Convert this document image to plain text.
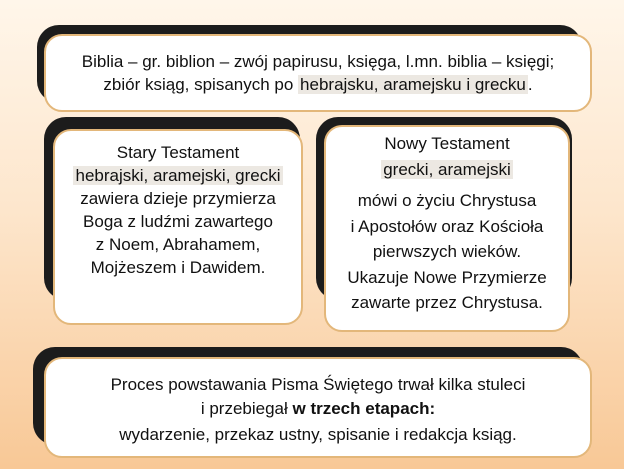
Biblia – gr. biblion – zwój papirusu, księga, l.mn. biblia – księgi;
zbiór ksiąg, spisanych po hebrajsku, aramejsku i grecku .
Stary Testament
hebrajski, aramejski, grecki
zawiera dzieje przymierza
Boga z ludźmi zawartego
z Noem, Abrahamem,
Mojżeszem i Dawidem.
Nowy Testament
grecki, aramejski
mówi o życiu Chrystusa
i Apostołów oraz Kościoła
pierwszych wieków.
Ukazuje Nowe Przymierze
zawarte przez Chrystusa.
Proces powstawania Pisma Świętego trwał kilka stuleci
i przebiegał w trzech etapach:
wydarzenie, przekaz ustny, spisanie i redakcja ksiąg.
